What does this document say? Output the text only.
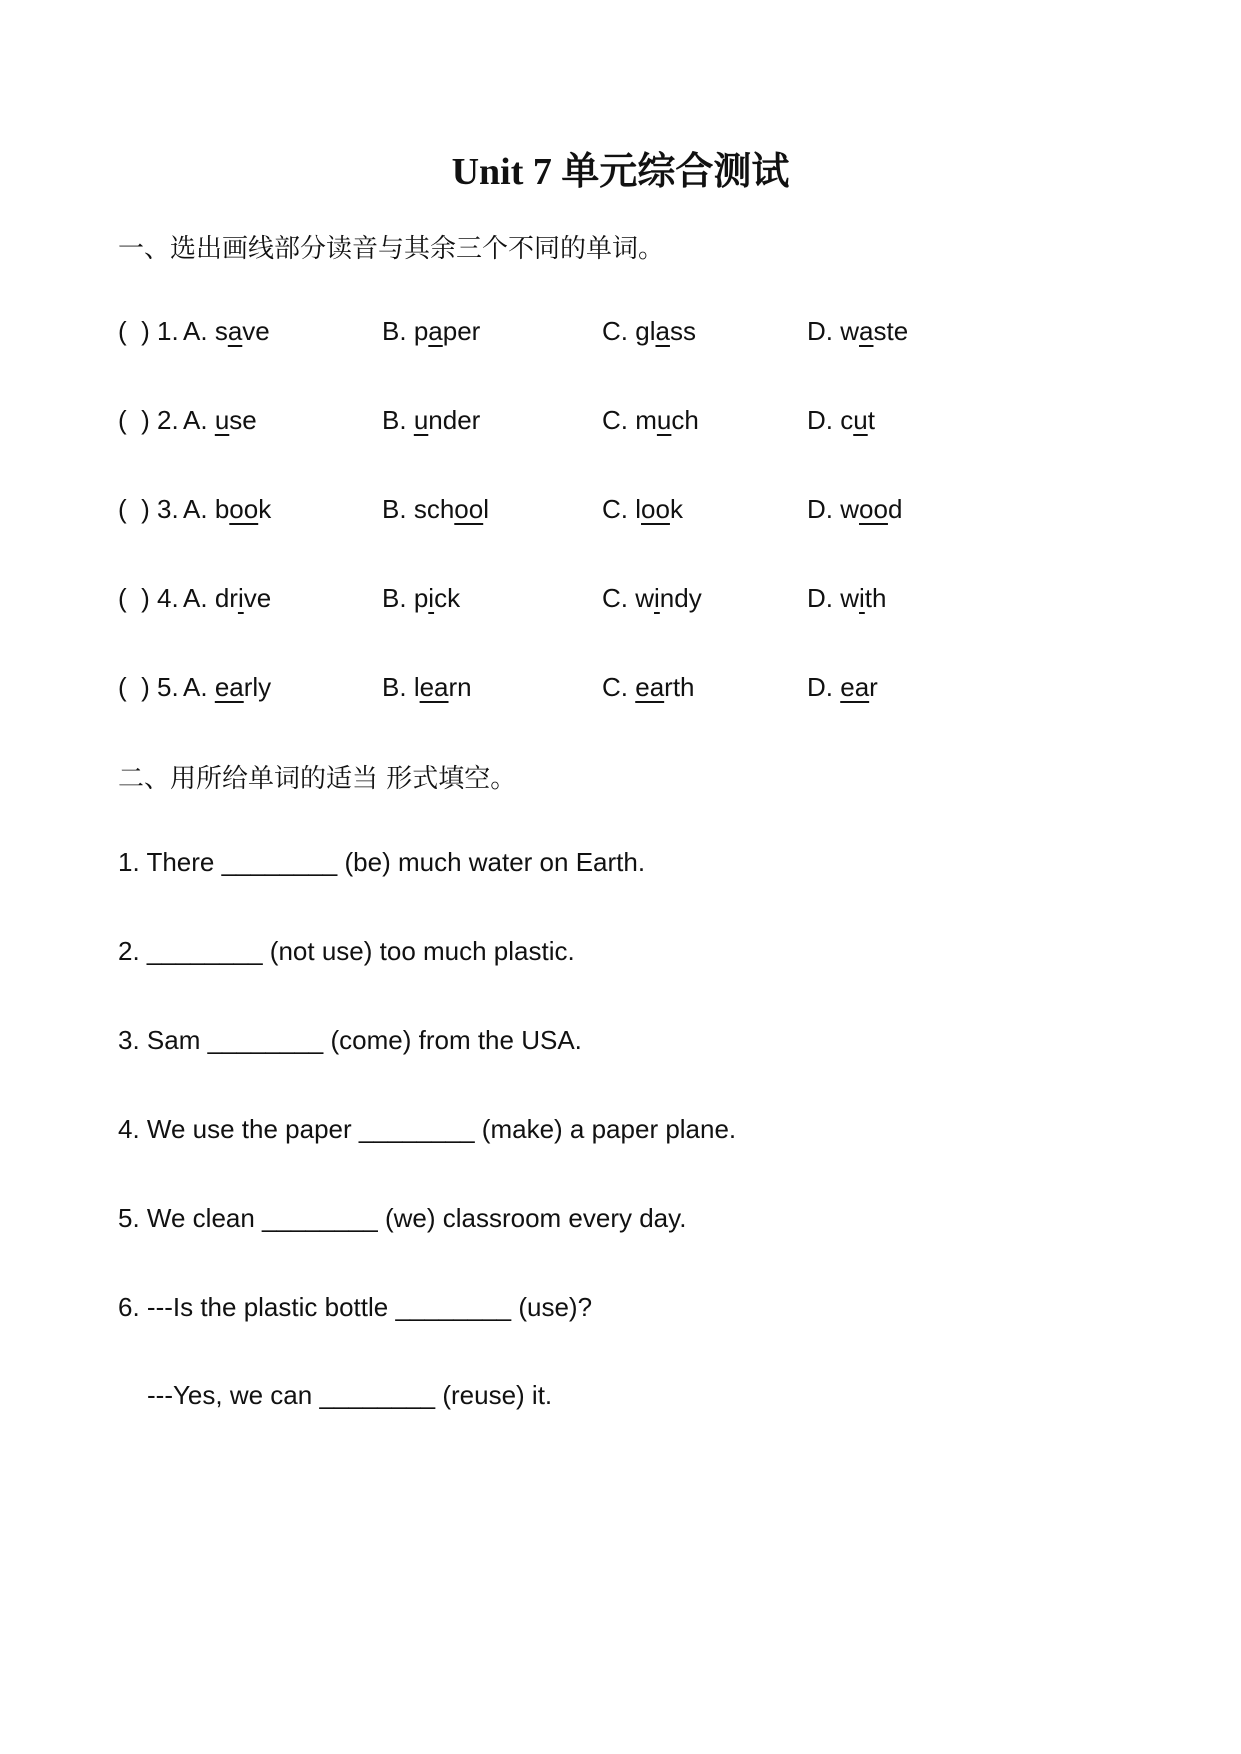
Unit 7 单元综合测试
一、选出画线部分读音与其余三个不同的单词。
(  ) 1. A. save	B. paper	C. glass	D. waste
(  ) 2. A. use	B. under	C. much	D. cut
(  ) 3. A. book	B. school	C. look	D. wood
(  ) 4. A. drive	B. pick	C. windy	D. with
(  ) 5. A. early	B. learn	C. earth	D. ear
二、用所给单词的适当 形式填空。
1. There ________ (be) much water on Earth.
2. ________ (not use) too much plastic.
3. Sam ________ (come) from the USA.
4. We use the paper ________ (make) a paper plane.
5. We clean ________ (we) classroom every day.
6. ---Is the plastic bottle ________ (use)?
---Yes, we can ________ (reuse) it.
